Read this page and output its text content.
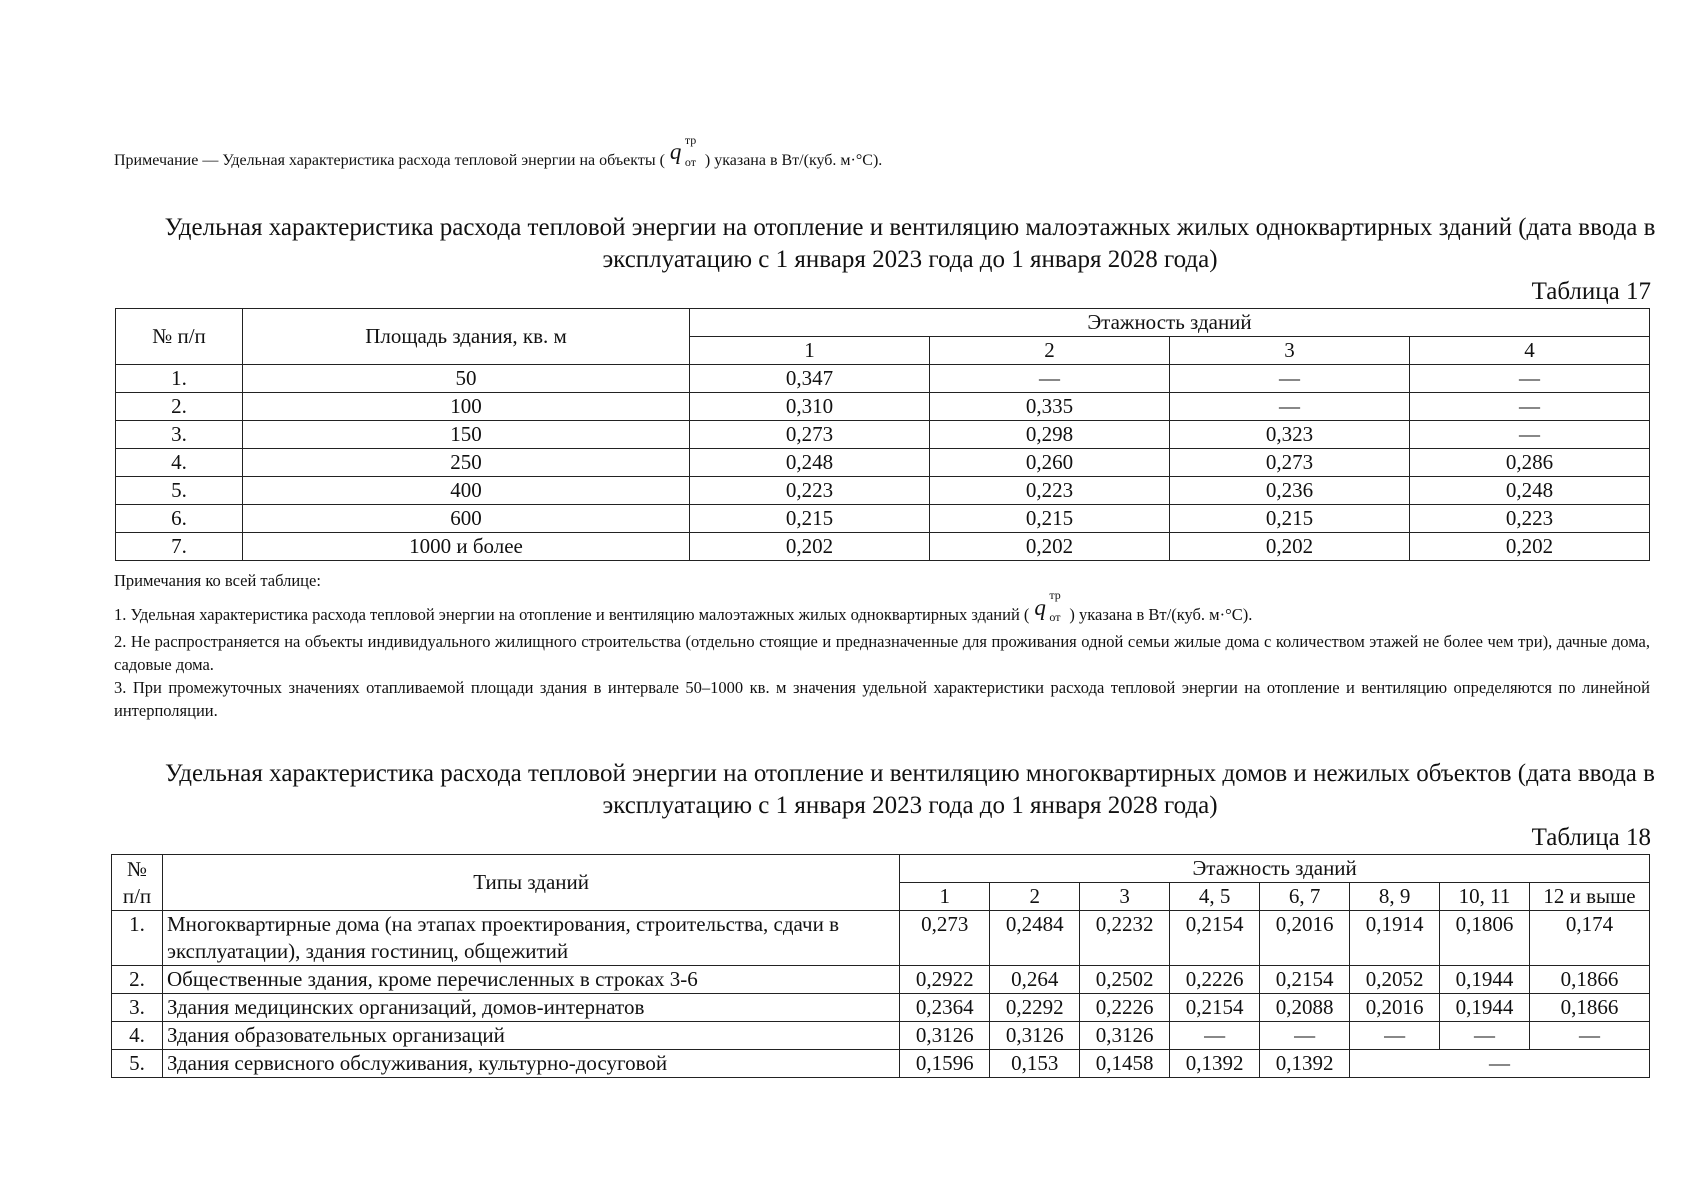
Примечание — Удельная характеристика расхода тепловой энергии на объекты ( q тр
от ) указана в Вт/(куб. м·°С).
Удельная характеристика расхода тепловой энергии на отопление и вентиляцию малоэтажных жилых одноквартирных зданий (дата ввода в эксплуатацию с 1 января 2023 года до 1 января 2028 года)
Таблица 17
№ п/п	Площадь здания, кв. м	Этажность зданий			
		1	2	3	4
1.	50	0,347	—	—	—
2.	100	0,310	0,335	—	—
3.	150	0,273	0,298	0,323	—
4.	250	0,248	0,260	0,273	0,286
5.	400	0,223	0,223	0,236	0,248
6.	600	0,215	0,215	0,215	0,223
7.	1000 и более	0,202	0,202	0,202	0,202

Примечания ко всей таблице:

1. Удельная характеристика расхода тепловой энергии на отопление и вентиляцию малоэтажных жилых одноквартирных зданий ( q тр
от ) указана в Вт/(куб. м·°С).

2. Не распространяется на объекты индивидуального жилищного строительства (отдельно стоящие и предназначенные для проживания одной семьи жилые дома с количеством этажей не более чем три), дачные дома, садовые дома.

3. При промежуточных значениях отапливаемой площади здания в интервале 50–1000 кв. м значения удельной характеристики расхода тепловой энергии на отопление и вентиляцию определяются по линейной интерполяции.

Удельная характеристика расхода тепловой энергии на отопление и вентиляцию многоквартирных домов и нежилых объектов (дата ввода в эксплуатацию с 1 января 2023 года до 1 января 2028 года)
Таблица 18
№
п/п	Типы зданий	Этажность зданий							
		1	2	3	4, 5	6, 7	8, 9	10, 11	12 и выше
1.	Многоквартирные дома (на этапах проектирования, строительства, сдачи в эксплуатации), здания гостиниц, общежитий	0,273	0,2484	0,2232	0,2154	0,2016	0,1914	0,1806	0,174
2.	Общественные здания, кроме перечисленных в строках 3-6	0,2922	0,264	0,2502	0,2226	0,2154	0,2052	0,1944	0,1866
3.	Здания медицинских организаций, домов-интернатов	0,2364	0,2292	0,2226	0,2154	0,2088	0,2016	0,1944	0,1866
4.	Здания образовательных организаций	0,3126	0,3126	0,3126	—	—	—	—	—
5.	Здания сервисного обслуживания, культурно-досуговой	0,1596	0,153	0,1458	0,1392	0,1392	—		
